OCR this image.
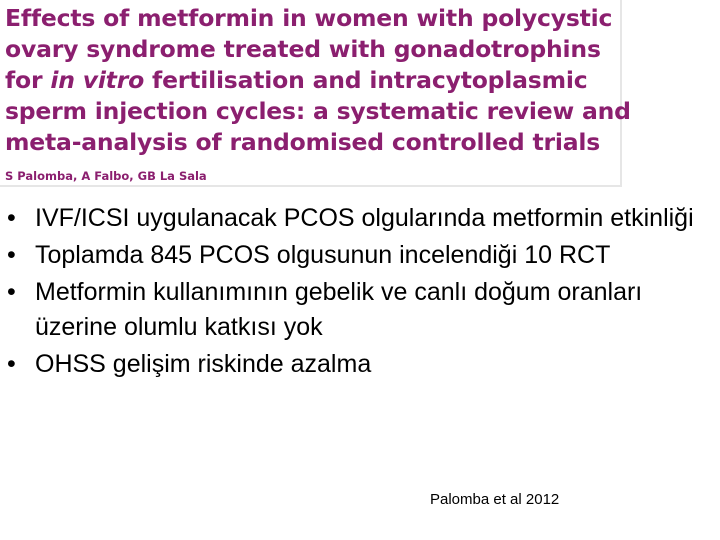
Effects of metformin in women with polycystic
ovary syndrome treated with gonadotrophins
for in vitro fertilisation and intracytoplasmic
sperm injection cycles: a systematic review and
meta-analysis of randomised controlled trials

S Palomba, A Falbo, GB La Sala

• IVF/ICSI uygulanacak PCOS olgularında metformin etkinliği
• Toplamda 845 PCOS olgusunun incelendiği 10 RCT
• Metformin kullanımının gebelik ve canlı doğum oranları üzerine olumlu katkısı yok
• OHSS gelişim riskinde azalma

Palomba et al 2012
